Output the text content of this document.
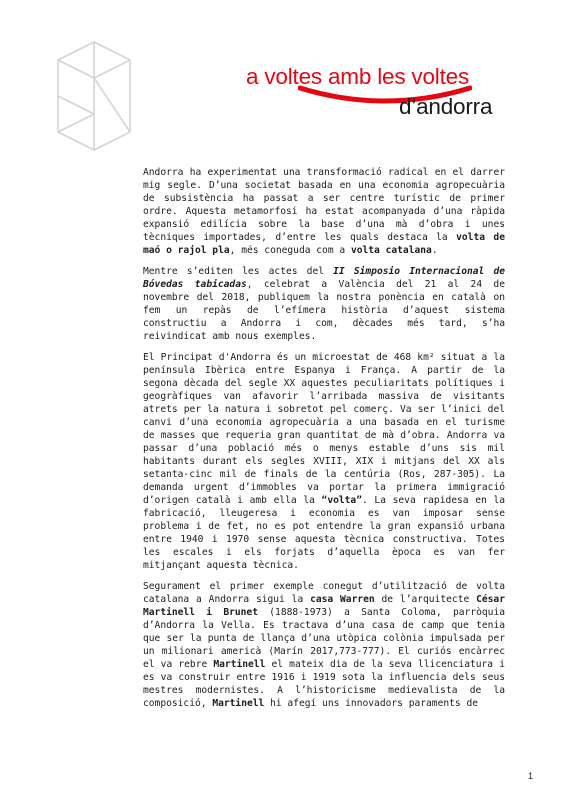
a voltes amb les voltes
d’andorra

Andorra ha experimentat una transformació radical en el darrer mig segle. D’una societat basada en una economia agropecuària de subsistència ha passat a ser centre turístic de primer ordre. Aquesta metamorfosi ha estat acompanyada d’una ràpida expansió edilícia sobre la base d’una mà d’obra i unes tècniques importades, d’entre les quals destaca la volta de maó o rajol pla, més coneguda com a volta catalana.

Mentre s’editen les actes del II Simposio Internacional de Bóvedas tabicadas, celebrat a València del 21 al 24 de novembre del 2018, publiquem la nostra ponència en català on fem un repàs de l’efímera història d’aquest sistema constructiu a Andorra i com, dècades més tard, s’ha reivindicat amb nous exemples.

El Principat d'Andorra és un microestat de 468 km² situat a la península Ibèrica entre Espanya i França. A partir de la segona dècada del segle XX aquestes peculiaritats polítiques i geogràfiques van afavorir l’arribada massiva de visitants atrets per la natura i sobretot pel comerç. Va ser l’inici del canvi d’una economia agropecuària a una basada en el turisme de masses que requeria gran quantitat de mà d’obra. Andorra va passar d’una població més o menys estable d’uns sis mil habitants durant els segles XVIII, XIX i mitjans del XX als setanta-cinc mil de finals de la centúria (Ros, 287-305). La demanda urgent d’immobles va portar la primera immigració d’origen català i amb ella la “volta”. La seva rapidesa en la fabricació, lleugeresa i economia es van imposar sense problema i de fet, no es pot entendre la gran expansió urbana entre 1940 i 1970 sense aquesta tècnica constructiva. Totes les escales i els forjats d’aquella època es van fer mitjançant aquesta tècnica.

Segurament el primer exemple conegut d’utilització de volta catalana a Andorra sigui la casa Warren de l’arquitecte César Martinell i Brunet (1888-1973) a Santa Coloma, parròquia d’Andorra la Vella. Es tractava d’una casa de camp que tenia que ser la punta de llança d’una utòpica colònia impulsada per un milionari americà (Marín 2017,773-777). El curiós encàrrec el va rebre Martinell el mateix dia de la seva llicenciatura i es va construir entre 1916 i 1919 sota la influencia dels seus mestres modernistes. A l’historicisme medievalista de la composició, Martinell hi afegí uns innovadors paraments de

1
